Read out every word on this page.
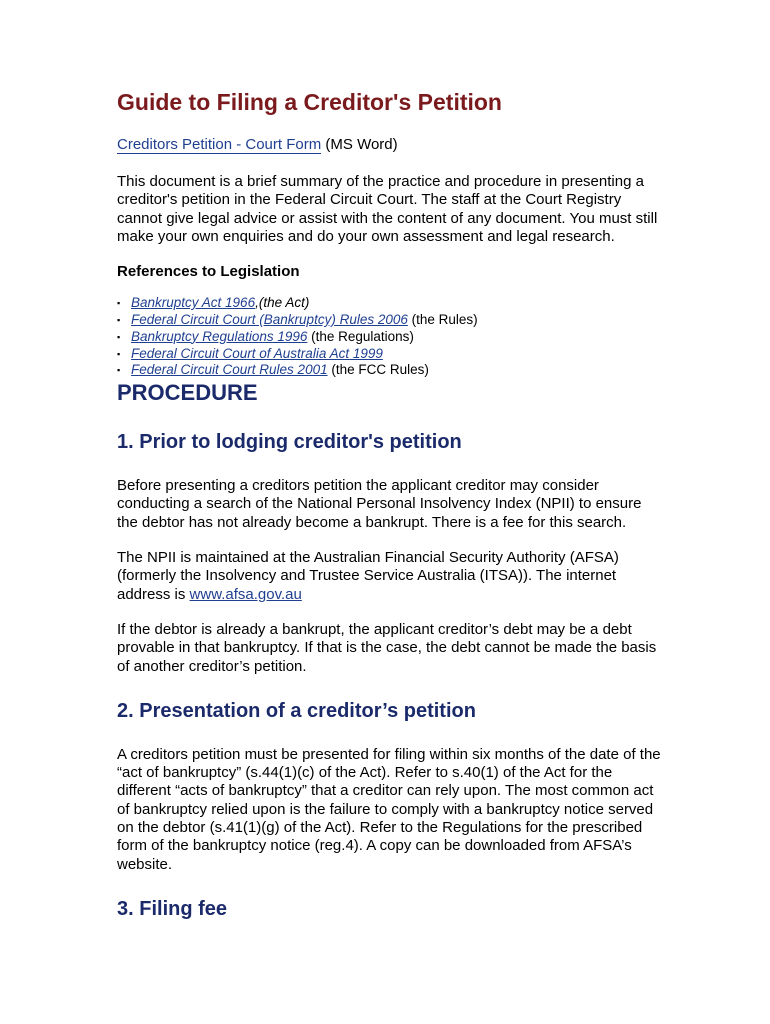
Guide to Filing a Creditor's Petition
Creditors Petition - Court Form (MS Word)

This document is a brief summary of the practice and procedure in presenting a creditor's petition in the Federal Circuit Court. The staff at the Court Registry cannot give legal advice or assist with the content of any document. You must still make your own enquiries and do your own assessment and legal research.

References to Legislation
▪ Bankruptcy Act 1966,(the Act)
▪ Federal Circuit Court (Bankruptcy) Rules 2006 (the Rules)
▪ Bankruptcy Regulations 1996 (the Regulations)
▪ Federal Circuit Court of Australia Act 1999
▪ Federal Circuit Court Rules 2001 (the FCC Rules)
PROCEDURE
1. Prior to lodging creditor's petition

Before presenting a creditors petition the applicant creditor may consider conducting a search of the National Personal Insolvency Index (NPII) to ensure the debtor has not already become a bankrupt. There is a fee for this search.

The NPII is maintained at the Australian Financial Security Authority (AFSA) (formerly the Insolvency and Trustee Service Australia (ITSA)). The internet address is www.afsa.gov.au

If the debtor is already a bankrupt, the applicant creditor’s debt may be a debt provable in that bankruptcy. If that is the case, the debt cannot be made the basis of another creditor’s petition.

2. Presentation of a creditor’s petition

A creditors petition must be presented for filing within six months of the date of the “act of bankruptcy” (s.44(1)(c) of the Act). Refer to s.40(1) of the Act for the different “acts of bankruptcy” that a creditor can rely upon. The most common act of bankruptcy relied upon is the failure to comply with a bankruptcy notice served on the debtor (s.41(1)(g) of the Act). Refer to the Regulations for the prescribed form of the bankruptcy notice (reg.4). A copy can be downloaded from AFSA’s website.

3. Filing fee
